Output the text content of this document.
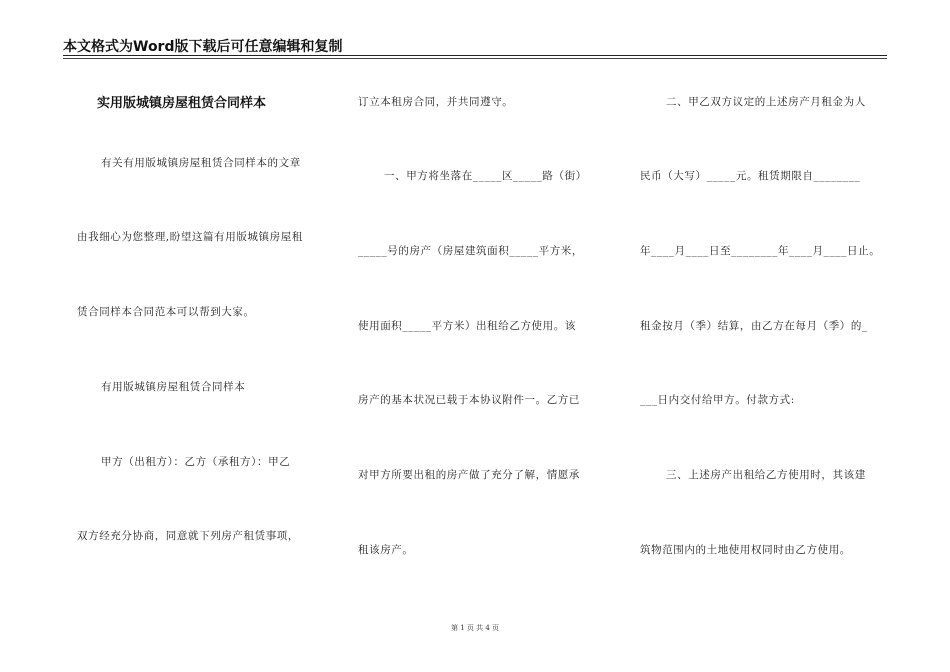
本文格式为Word版下载后可任意编辑和复制
实用版城镇房屋租赁合同样本
有关有用版城镇房屋租赁合同样本的文章
由我细心为您整理,盼望这篇有用版城镇房屋租
赁合同样本合同范本可以帮到大家。
有用版城镇房屋租赁合同样本
甲方（出租方）：乙方（承租方）：甲乙
双方经充分协商，同意就下列房产租赁事项，
订立本租房合同，并共同遵守。
一、甲方将坐落在_____区_____路（街）
_____号的房产（房屋建筑面积_____平方米，
使用面积_____平方米）出租给乙方使用。该
房产的基本状况已载于本协议附件一。乙方已
对甲方所要出租的房产做了充分了解，情愿承
租该房产。
二、甲乙双方议定的上述房产月租金为人
民币（大写）_____元。租赁期限自________
年____月____日至________年____月____日止。
租金按月（季）结算，由乙方在每月（季）的_
___日内交付给甲方。付款方式:
三、上述房产出租给乙方使用时，其该建
筑物范围内的土地使用权同时由乙方使用。
第 1 页 共 4 页
